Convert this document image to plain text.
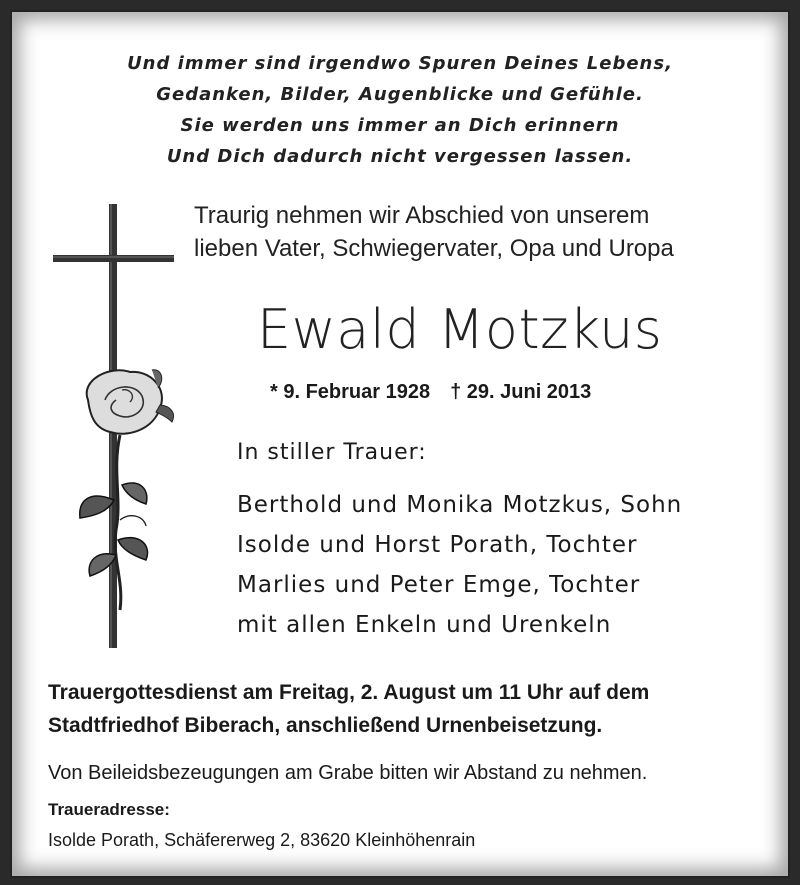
Und immer sind irgendwo Spuren Deines Lebens,
Gedanken, Bilder, Augenblicke und Gefühle.
Sie werden uns immer an Dich erinnern
Und Dich dadurch nicht vergessen lassen.
Traurig nehmen wir Abschied von unserem
lieben Vater, Schwiegervater, Opa und Uropa
Ewald Motzkus
* 9. Februar 1928 † 29. Juni 2013
In stiller Trauer:
Berthold und Monika Motzkus, Sohn
Isolde und Horst Porath, Tochter
Marlies und Peter Emge, Tochter
mit allen Enkeln und Urenkeln
Trauergottesdienst am Freitag, 2. August um 11 Uhr auf dem
Stadtfriedhof Biberach, anschließend Urnenbeisetzung.
Von Beileidsbezeugungen am Grabe bitten wir Abstand zu nehmen.
Traueradresse:
Isolde Porath, Schäfererweg 2, 83620 Kleinhöhenrain
